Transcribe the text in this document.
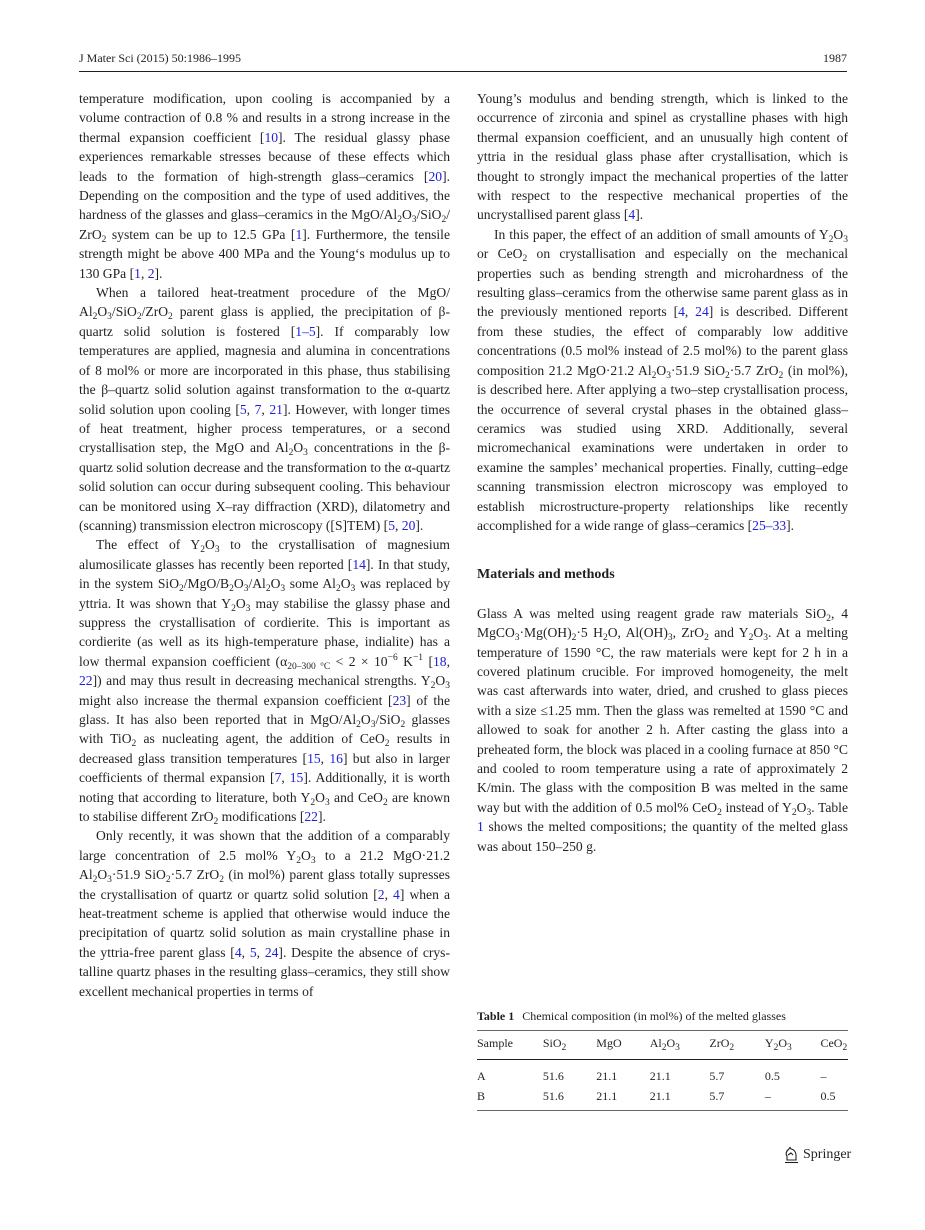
J Mater Sci (2015) 50:1986–1995	1987

temperature modification, upon cooling is accompanied by a volume contraction of 0.8 % and results in a strong increase in the thermal expansion coefficient [10]. The residual glassy phase experiences remarkable stresses because of these effects which leads to the formation of high-strength glass–ceramics [20]. Depending on the composition and the type of used additives, the hardness of the glasses and glass–ceramics in the MgO/$Al_2O_3/SiO_2/$ ZrO$_2$ system can be up to 12.5 GPa [1]. Furthermore, the tensile strength might be above 400 MPa and the Young‘s modulus up to 130 GPa [1, 2].

When a tailored heat-treatment procedure of the MgO/ $Al_2O_3/SiO_2/ZrO_2$ parent glass is applied, the precipitation of β-quartz solid solution is fostered [1–5]. If comparably low temperatures are applied, magnesia and alumina in concentrations of 8 mol% or more are incorporated in this phase, thus stabilising the β–quartz solid solution against transformation to the α-quartz solid solution upon cooling [5, 7, 21]. However, with longer times of heat treatment, higher process temperatures, or a second crystallisation step, the MgO and $Al_2O_3$ concentrations in the β-quartz solid solution decrease and the transformation to the α-quartz solid solution can occur during subsequent cooling. This behaviour can be monitored using X–ray diffraction (XRD), dilatometry and (scanning) transmission electron microscopy ([S]TEM) [5, 20].

The effect of $Y_2O_3$ to the crystallisation of magnesium alumosilicate glasses has recently been reported [14]. In that study, in the system $SiO_2/MgO/B_2O_3/Al_2O_3$ some $Al_2O_3$ was replaced by yttria. It was shown that $Y_2O_3$ may stabilise the glassy phase and suppress the crystallisation of cordierite. This is important as cordierite (as well as its high-temperature phase, indialite) has a low thermal expansion coefficient ($\alpha_{20-300 ^\circ C} < 2 \times 10^{-6}$ $K^{-1}$ [18, 22]) and may thus result in decreasing mechanical strengths. $Y_2O_3$ might also increase the thermal expansion coefficient [23] of the glass. It has also been reported that in MgO/$Al_2O_3/SiO_2$ glasses with TiO$_2$ as nucleating agent, the addition of CeO$_2$ results in decreased glass transition temperatures [15, 16] but also in larger coefficients of thermal expansion [7, 15]. Additionally, it is worth noting that according to literature, both $Y_2O_3$ and CeO$_2$ are known to stabilise different ZrO$_2$ modifications [22].

Only recently, it was shown that the addition of a comparably large concentration of 2.5 mol% $Y_2O_3$ to a 21.2 MgO·21.2 $Al_2O_3\cdot 51.9$ SiO$_2$·5.7 ZrO$_2$ (in mol%) parent glass totally supresses the crystallisation of quartz or quartz solid solution [2, 4] when a heat-treatment scheme is applied that otherwise would induce the precipitation of quartz solid solution as main crystalline phase in the yttria-free parent glass [4, 5, 24]. Despite the absence of crystalline quartz phases in the resulting glass–ceramics, they still show excellent mechanical properties in terms of

Young’s modulus and bending strength, which is linked to the occurrence of zirconia and spinel as crystalline phases with high thermal expansion coefficient, and an unusually high content of yttria in the residual glass phase after crystallisation, which is thought to strongly impact the mechanical properties of the latter with respect to the respective mechanical properties of the uncrystallised parent glass [4].

In this paper, the effect of an addition of small amounts of $Y_2O_3$ or CeO$_2$ on crystallisation and especially on the mechanical properties such as bending strength and microhardness of the resulting glass–ceramics from the otherwise same parent glass as in the previously mentioned reports [4, 24] is described. Different from these studies, the effect of comparably low additive concentrations (0.5 mol% instead of 2.5 mol%) to the parent glass composition 21.2 MgO·21.2 $Al_2O_3\cdot 51.9$ SiO$_2$·5.7 ZrO$_2$ (in mol%), is described here. After applying a two–step crystallisation process, the occurrence of several crystal phases in the obtained glass–ceramics was studied using XRD. Additionally, several micromechanical examinations were undertaken in order to examine the samples’ mechanical properties. Finally, cutting–edge scanning transmission electron microscopy was employed to establish microstructure-property relationships like recently accomplished for a wide range of glass–ceramics [25–33].

Materials and methods

Glass A was melted using reagent grade raw materials SiO$_2$, 4 $MgCO_3\cdot Mg(OH)_2\cdot 5$ $H_2O$, $Al(OH)_3$, ZrO$_2$ and $Y_2O_3$. At a melting temperature of 1590 °C, the raw materials were kept for 2 h in a covered platinum crucible. For improved homogeneity, the melt was cast afterwards into water, dried, and crushed to glass pieces with a size ≤1.25 mm. Then the glass was remelted at 1590 °C and allowed to soak for another 2 h. After casting the glass into a preheated form, the block was placed in a cooling furnace at 850 °C and cooled to room temperature using a rate of approximately 2 K/min. The glass with the composition B was melted in the same way but with the addition of 0.5 mol% CeO$_2$ instead of $Y_2O_3$. Table 1 shows the melted compositions; the quantity of the melted glass was about 150–250 g.

Table 1 Chemical composition (in mol%) of the melted glasses
Sample	SiO$_2$	MgO	$Al_2O_3$	ZrO$_2$	$Y_2O_3$	CeO$_2$
A	51.6	21.1	21.1	5.7	0.5	–
B	51.6	21.1	21.1	5.7	–	0.5
Springer
